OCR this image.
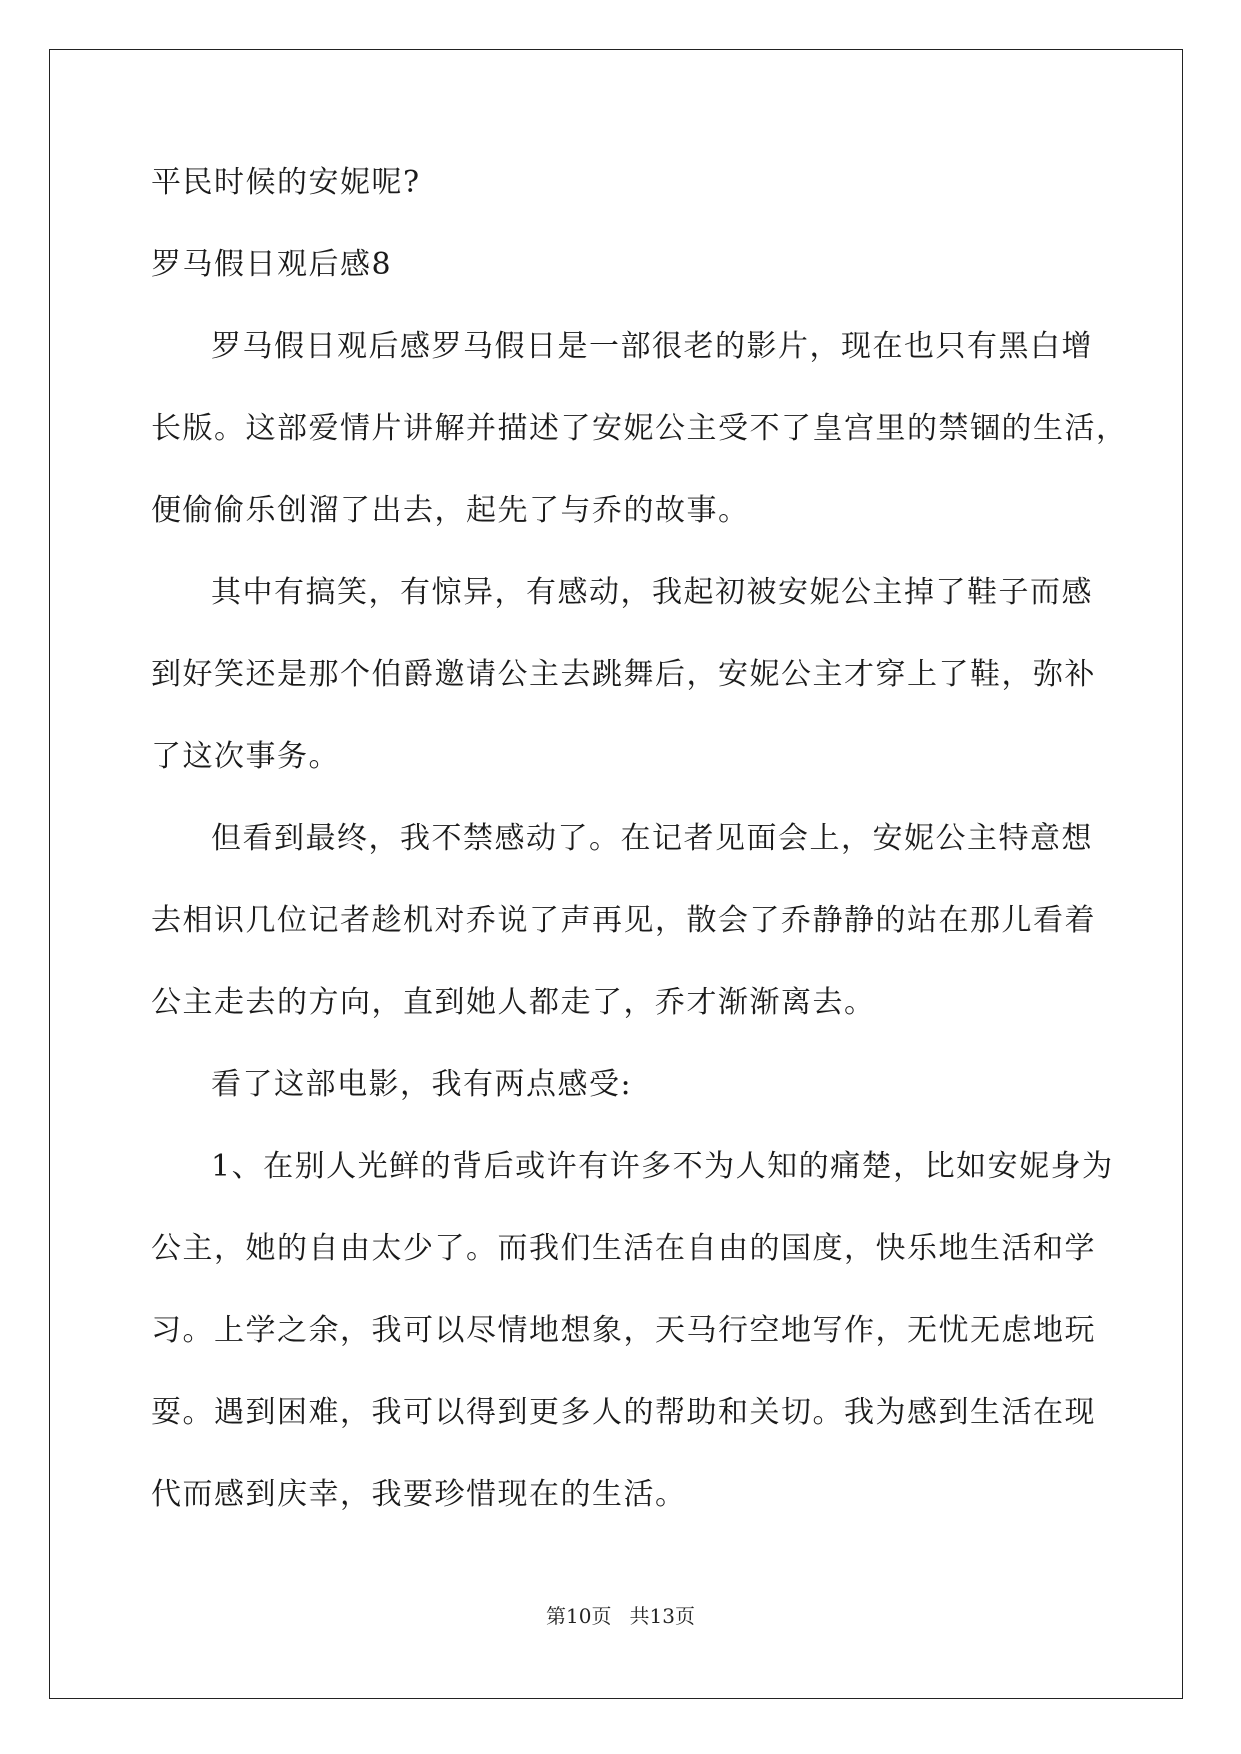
平民时候的安妮呢?
罗马假日观后感8
罗马假日观后感罗马假日是一部很老的影片，现在也只有黑白增
长版。这部爱情片讲解并描述了安妮公主受不了皇宫里的禁锢的生活，
便偷偷乐创溜了出去，起先了与乔的故事。
其中有搞笑，有惊异，有感动，我起初被安妮公主掉了鞋子而感
到好笑还是那个伯爵邀请公主去跳舞后，安妮公主才穿上了鞋，弥补
了这次事务。
但看到最终，我不禁感动了。在记者见面会上，安妮公主特意想
去相识几位记者趁机对乔说了声再见，散会了乔静静的站在那儿看着
公主走去的方向，直到她人都走了，乔才渐渐离去。
看了这部电影，我有两点感受:
1、在别人光鲜的背后或许有许多不为人知的痛楚，比如安妮身为
公主，她的自由太少了。而我们生活在自由的国度，快乐地生活和学
习。上学之余，我可以尽情地想象，天马行空地写作，无忧无虑地玩
耍。遇到困难，我可以得到更多人的帮助和关切。我为感到生活在现
代而感到庆幸，我要珍惜现在的生活。
第10页 共13页
